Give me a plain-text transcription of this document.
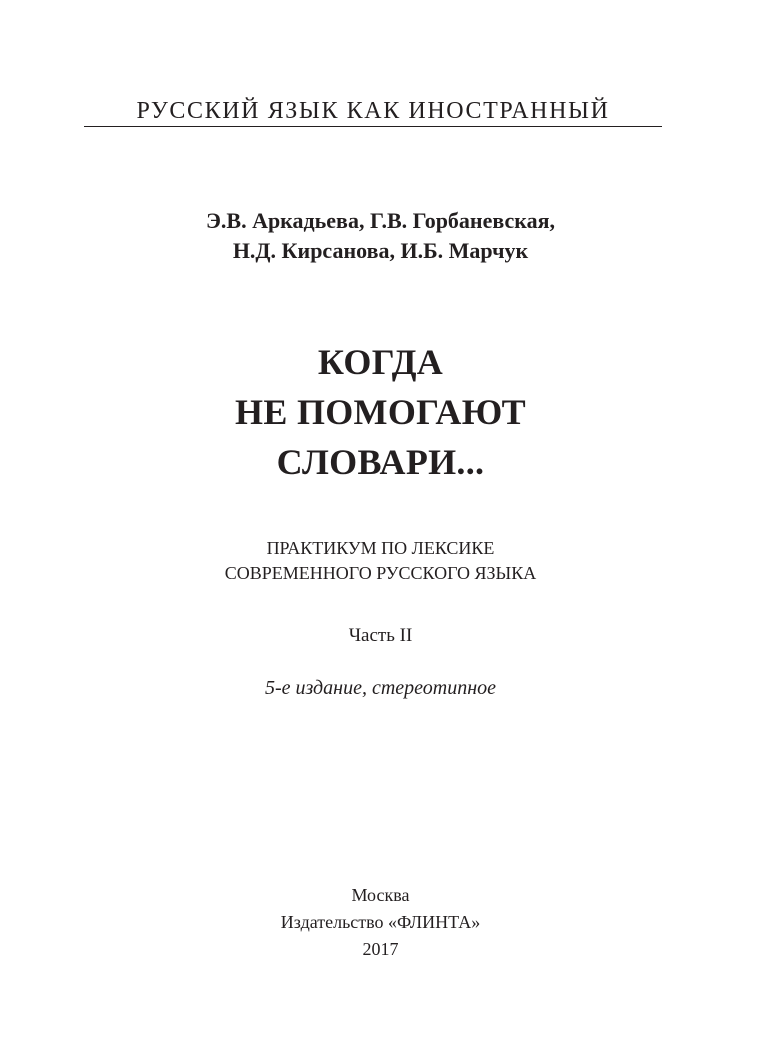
РУССКИЙ ЯЗЫК КАК ИНОСТРАННЫЙ
Э.В. Аркадьева, Г.В. Горбаневская,
Н.Д. Кирсанова, И.Б. Марчук
КОГДА
НЕ ПОМОГАЮТ
СЛОВАРИ...
ПРАКТИКУМ ПО ЛЕКСИКЕ
СОВРЕМЕННОГО РУССКОГО ЯЗЫКА
Часть II
5-е издание, стереотипное
Москва
Издательство «ФЛИНТА»
2017
